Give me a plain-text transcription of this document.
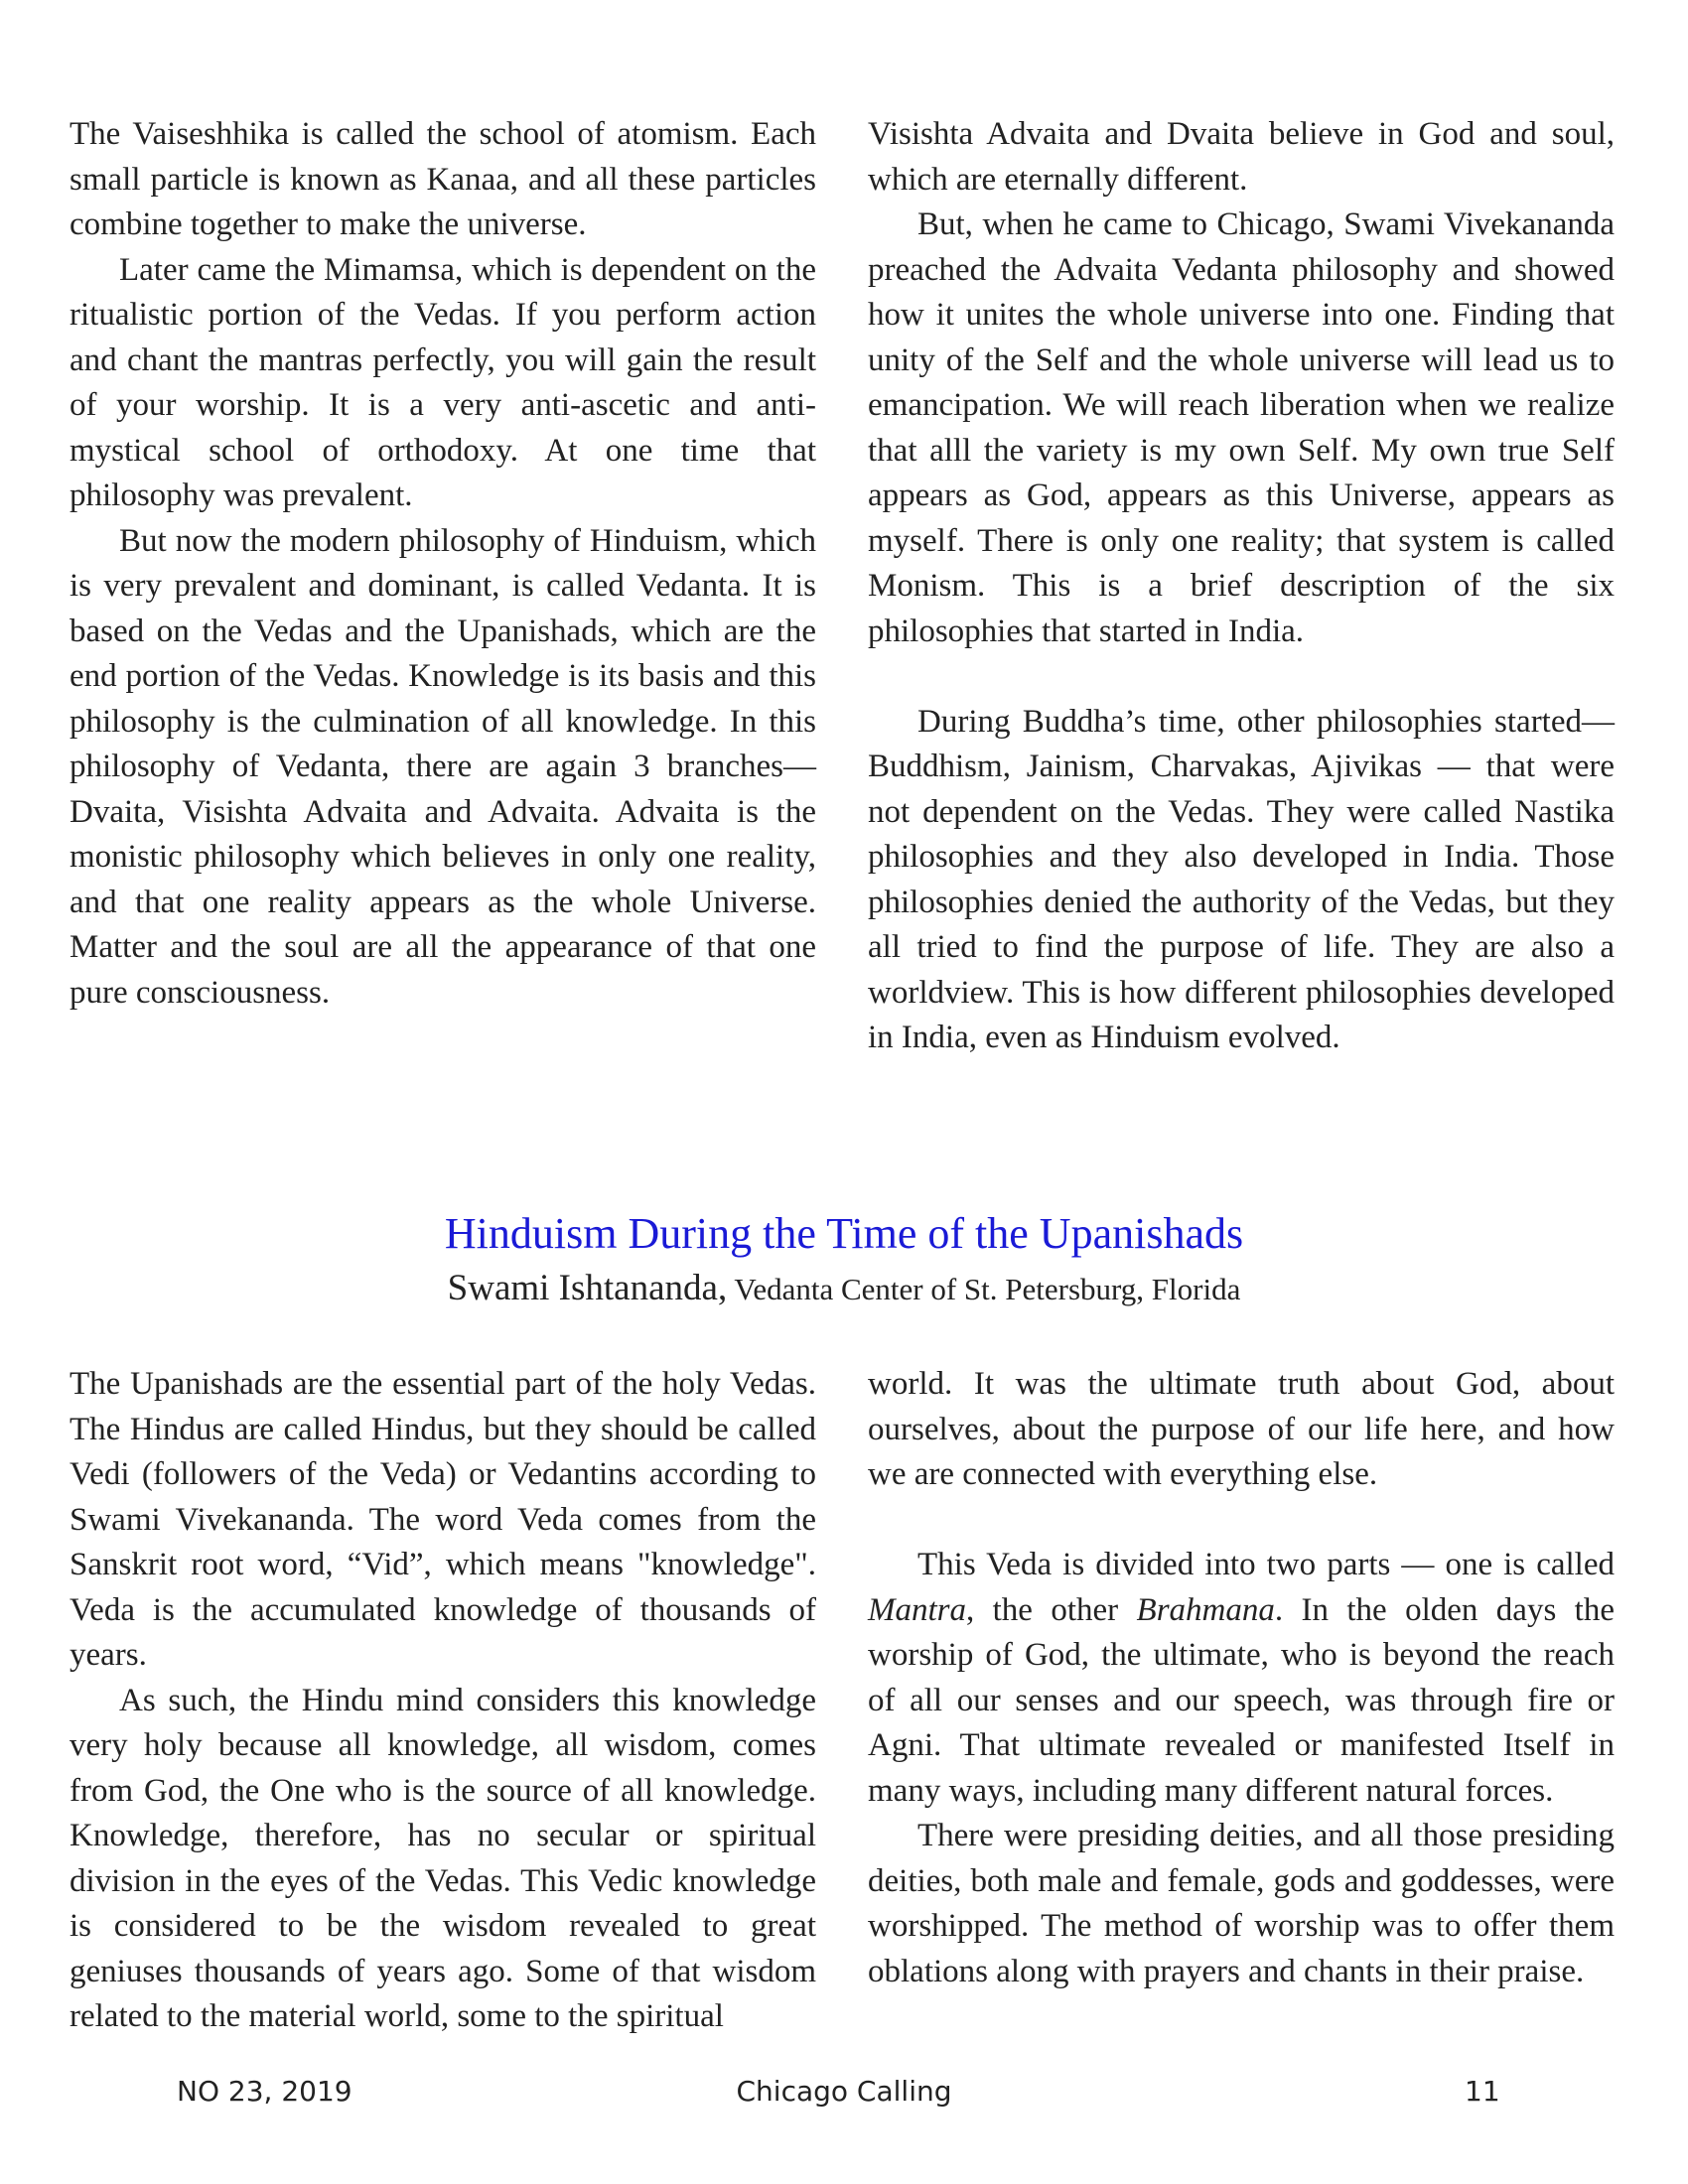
The Vaiseshhika is called the school of atomism. Each small particle is known as Kanaa, and all these particles combine together to make the universe.

Later came the Mimamsa, which is dependent on the ritualistic portion of the Vedas. If you perform action and chant the mantras perfectly, you will gain the result of your worship. It is a very anti-ascetic and anti-mystical school of orthodoxy. At one time that philosophy was prevalent.

But now the modern philosophy of Hinduism, which is very prevalent and dominant, is called Vedanta. It is based on the Vedas and the Upanishads, which are the end portion of the Vedas. Knowledge is its basis and this philosophy is the culmination of all knowledge. In this philosophy of Vedanta, there are again 3 branches—Dvaita, Visishta Advaita and Advaita. Advaita is the monistic philosophy which believes in only one reality, and that one reality appears as the whole Universe. Matter and the soul are all the appearance of that one pure consciousness.

Visishta Advaita and Dvaita believe in God and soul, which are eternally different.

But, when he came to Chicago, Swami Vivekananda preached the Advaita Vedanta philosophy and showed how it unites the whole universe into one. Finding that unity of the Self and the whole universe will lead us to emancipation. We will reach liberation when we realize that alll the variety is my own Self. My own true Self appears as God, appears as this Universe, appears as myself. There is only one reality; that system is called Monism. This is a brief description of the six philosophies that started in India.

During Buddha’s time, other philosophies started—Buddhism, Jainism, Charvakas, Ajivikas — that were not dependent on the Vedas. They were called Nastika philosophies and they also developed in India. Those philosophies denied the authority of the Vedas, but they all tried to find the purpose of life. They are also a worldview. This is how different philosophies developed in India, even as Hinduism evolved.

Hinduism During the Time of the Upanishads
Swami Ishtananda, Vedanta Center of St. Petersburg, Florida

The Upanishads are the essential part of the holy Vedas. The Hindus are called Hindus, but they should be called Vedi (followers of the Veda) or Vedantins according to Swami Vivekananda. The word Veda comes from the Sanskrit root word, “Vid”, which means "knowledge". Veda is the accumulated knowledge of thousands of years.

As such, the Hindu mind considers this knowledge very holy because all knowledge, all wisdom, comes from God, the One who is the source of all knowledge. Knowledge, therefore, has no secular or spiritual division in the eyes of the Vedas. This Vedic knowledge is considered to be the wisdom revealed to great geniuses thousands of years ago. Some of that wisdom related to the material world, some to the spiritual

world. It was the ultimate truth about God, about ourselves, about the purpose of our life here, and how we are connected with everything else.

This Veda is divided into two parts — one is called Mantra, the other Brahmana. In the olden days the worship of God, the ultimate, who is beyond the reach of all our senses and our speech, was through fire or Agni. That ultimate revealed or manifested Itself in many ways, including many different natural forces.

There were presiding deities, and all those presiding deities, both male and female, gods and goddesses, were worshipped. The method of worship was to offer them oblations along with prayers and chants in their praise.

NO 23, 2019	Chicago Calling	11
